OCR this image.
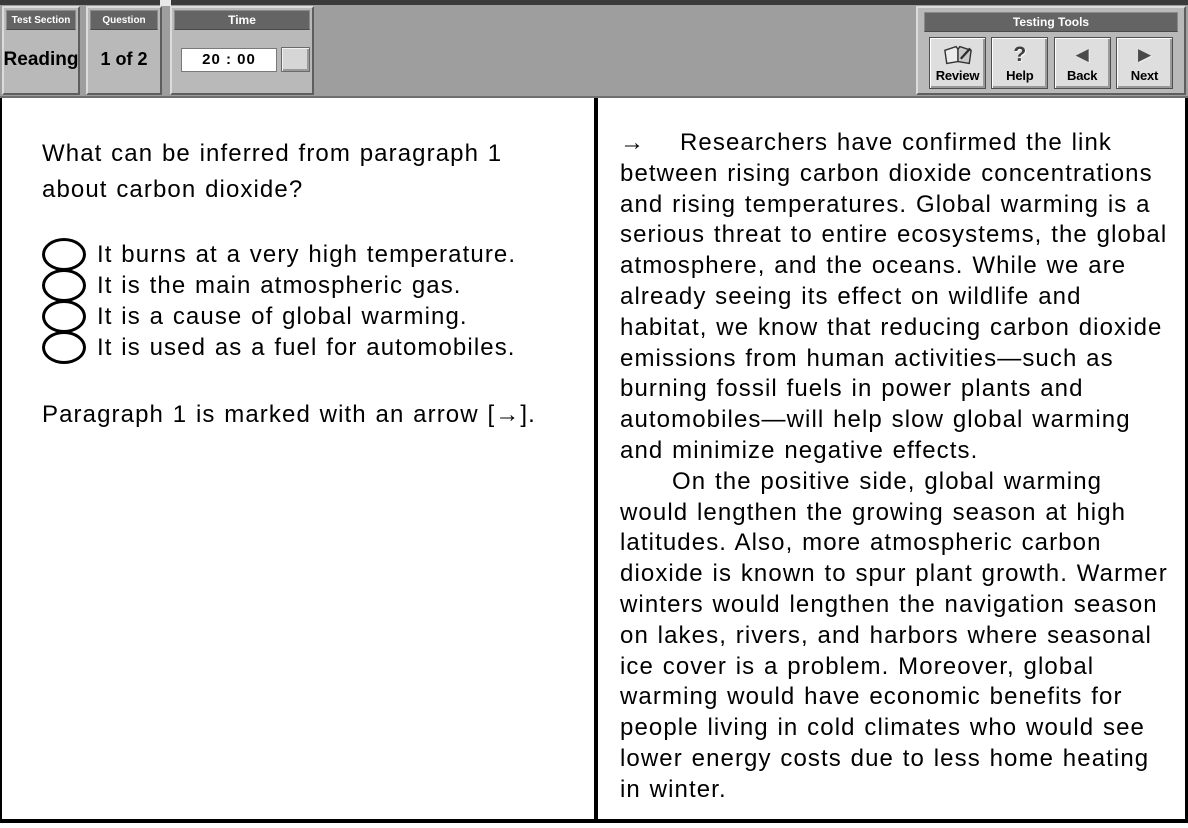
Test Section
Reading
Question
1 of 2
Time
20 : 00
Testing Tools
Review
?
Help
◀
Back
▶
Next
What can be inferred from paragraph 1 about carbon dioxide?
It burns at a very high temperature.
It is the main atmospheric gas.
It is a cause of global warming.
It is used as a fuel for automobiles.
Paragraph 1 is marked with an arrow [→].
→ Researchers have confirmed the link between rising carbon dioxide concentrations and rising temperatures. Global warming is a serious threat to entire ecosystems, the global atmosphere, and the oceans. While we are already seeing its effect on wildlife and habitat, we know that reducing carbon dioxide emissions from human activities—such as burning fossil fuels in power plants and automobiles—will help slow global warming and minimize negative effects.
On the positive side, global warming would lengthen the growing season at high latitudes. Also, more atmospheric carbon dioxide is known to spur plant growth. Warmer winters would lengthen the navigation season on lakes, rivers, and harbors where seasonal ice cover is a problem. Moreover, global warming would have economic benefits for people living in cold climates who would see lower energy costs due to less home heating in winter.
